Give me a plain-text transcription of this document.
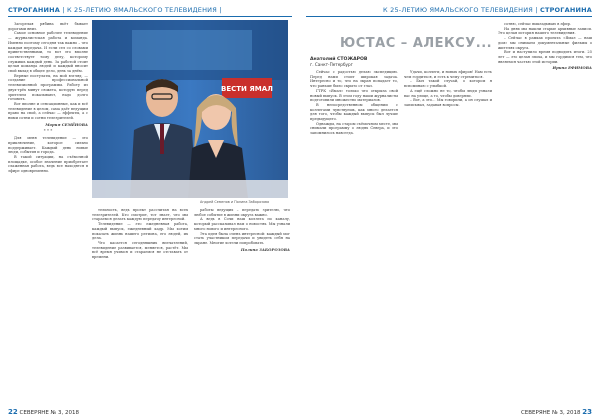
СТРОГАНИНА | К 25-ЛЕТИЮ ЯМАЛЬСКОГО ТЕЛЕВИДЕНИЯ |	К 25-ЛЕТИЮ ЯМАЛЬСКОГО ТЕЛЕВИДЕНИЯ | СТРОГАНИНА

Загорелая рябина вьёт бывает дорогами вниз.

Самое основное рабочее телевидение — журналистская работа и команда. Именно поэтому сегодня так важно – что каждая передача. И если сел со словами приветственными, то вот это вполне соответствует тому делу, которому служишь каждый день. За работой стоит целая команда людей и каждый вносит свой вклад в общее дело, день за днём.

Верные постулаты, на мой взгляд, — создание профессиональной телевизионной программы. Работу из двух-трёх минут сюжета, которую перед зрителем показывают, надо долго готовить.

Вот вполне и сенсационные, как и всё телевидение в целом, сама даёт ведущим право на свой, а сейчас — эффекты, а с ними сотни и сотни телезрителей.

Мария СЕМЁНОВА
* * *

Для меня телевидение — это приключение, которое сильно поддерживает. Каждый день новые люди, события и города.

В такой ситуации, на съёмочной площадке, особое значение приобретает слаженная работа, ведь все находятся в эфире одновременно.

ВЕСТИ ЯМАЛ
Андрей Семенов и Полина Заборозова

тельность, ведь проект рассчитан на всех телезрителей. Кто смотрит, тот знает, что мы стараемся делать каждую передачу интересной.

Телевидение — это ежедневная работа, каждый выпуск, ежедневный кадр. Мы хотим показать жизнь нашего региона, его людей, их дела.

Что касается сегодняшних впечатлений, телевидение развивается, меняется, растёт. Мы всё время учимся и стараемся не отставать от времени.

работы ведущих – передать зрителю, что любое событие в жизни округа важно.

А ведь в Сочи наш коллега по каналу, который рассказывал нам о новостях. Мы узнали много нового и интересного.

Эта идея была очень интересной: каждый мог стать участником передачи и увидеть себя на экране. Многие хотели попробовать.

Полина ЗАБОРОЗОВА
ЮСТАС – АЛЕКСУ...
Анатолий СТОЖАРОВ
г. Санкт-Петербург

Сейчас с радостью делаю экспедицию. Перед нами стоит широкая задача. Интересно и то, что на экран попадает то, что раньше было скрыто от глаз.

ГТРК «Ямал» только что открыла свой новый выпуск. В этом году наши журналисты подготовили множество материалов.

В непосредственном общении с коллегами чувствуешь, как много делается для того, чтобы каждый выпуск был лучше предыдущего.

Однажды, на старом съёмочном месте, мы снимали программу о людях Севера, и это запомнилось навсегда.

Удачи, коллеги, и новых эфиров! Нам есть чем гордиться, и есть к чему стремиться.

– Был такой случай, о котором я вспоминаю с улыбкой.

А ещё сложно не то, чтобы люди узнали вас на улице, а то, чтобы доверяли.

– Вот, а это... Мы говорили, а он слушал и записывал, задавая вопросы.

сотню, сейчас выкладываю в эфир.

На днях мы нашли старые архивные записи. Это целая история нашего телевидения.

– Сейчас в рамках проекта «Ямал — наш дом» мы снимаем документальные фильмы о жителях округа.

Вот и наступило время подводить итоги. 25 лет — это целая эпоха, и мы гордимся тем, что являемся частью этой истории.

Ирина ЕФИМОВА
22 СЕВЕРЯНЕ № 3, 2018	СЕВЕРЯНЕ № 3, 2018 23
